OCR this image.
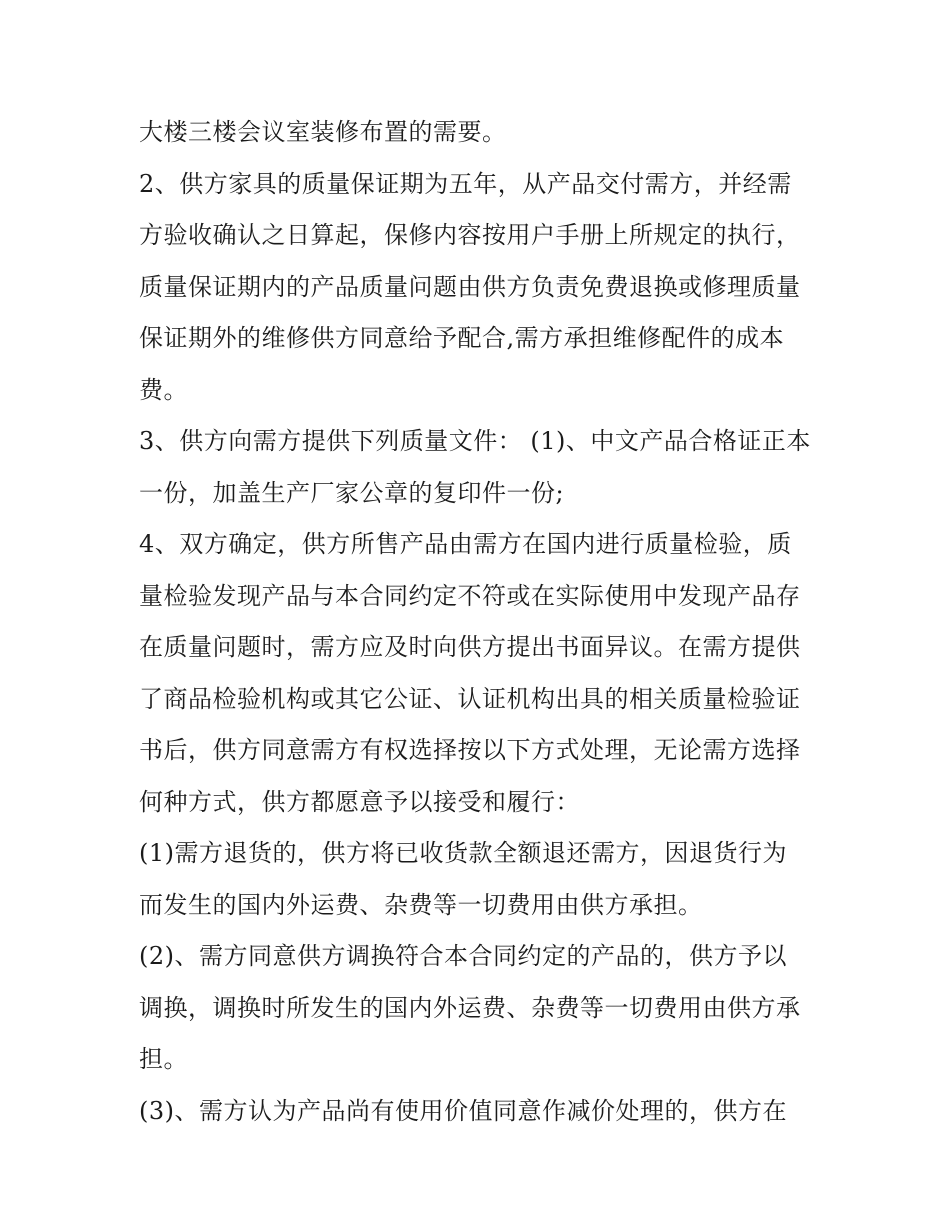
大楼三楼会议室装修布置的需要。
2、供方家具的质量保证期为五年，从产品交付需方，并经需
方验收确认之日算起，保修内容按用户手册上所规定的执行，
质量保证期内的产品质量问题由供方负责免费退换或修理质量
保证期外的维修供方同意给予配合,需方承担维修配件的成本
费。
3、供方向需方提供下列质量文件： (1)、中文产品合格证正本
一份，加盖生产厂家公章的复印件一份;
4、双方确定，供方所售产品由需方在国内进行质量检验，质
量检验发现产品与本合同约定不符或在实际使用中发现产品存
在质量问题时，需方应及时向供方提出书面异议。在需方提供
了商品检验机构或其它公证、认证机构出具的相关质量检验证
书后，供方同意需方有权选择按以下方式处理，无论需方选择
何种方式，供方都愿意予以接受和履行：
(1)需方退货的，供方将已收货款全额退还需方，因退货行为
而发生的国内外运费、杂费等一切费用由供方承担。
(2)、需方同意供方调换符合本合同约定的产品的，供方予以
调换，调换时所发生的国内外运费、杂费等一切费用由供方承
担。
(3)、需方认为产品尚有使用价值同意作减价处理的，供方在
